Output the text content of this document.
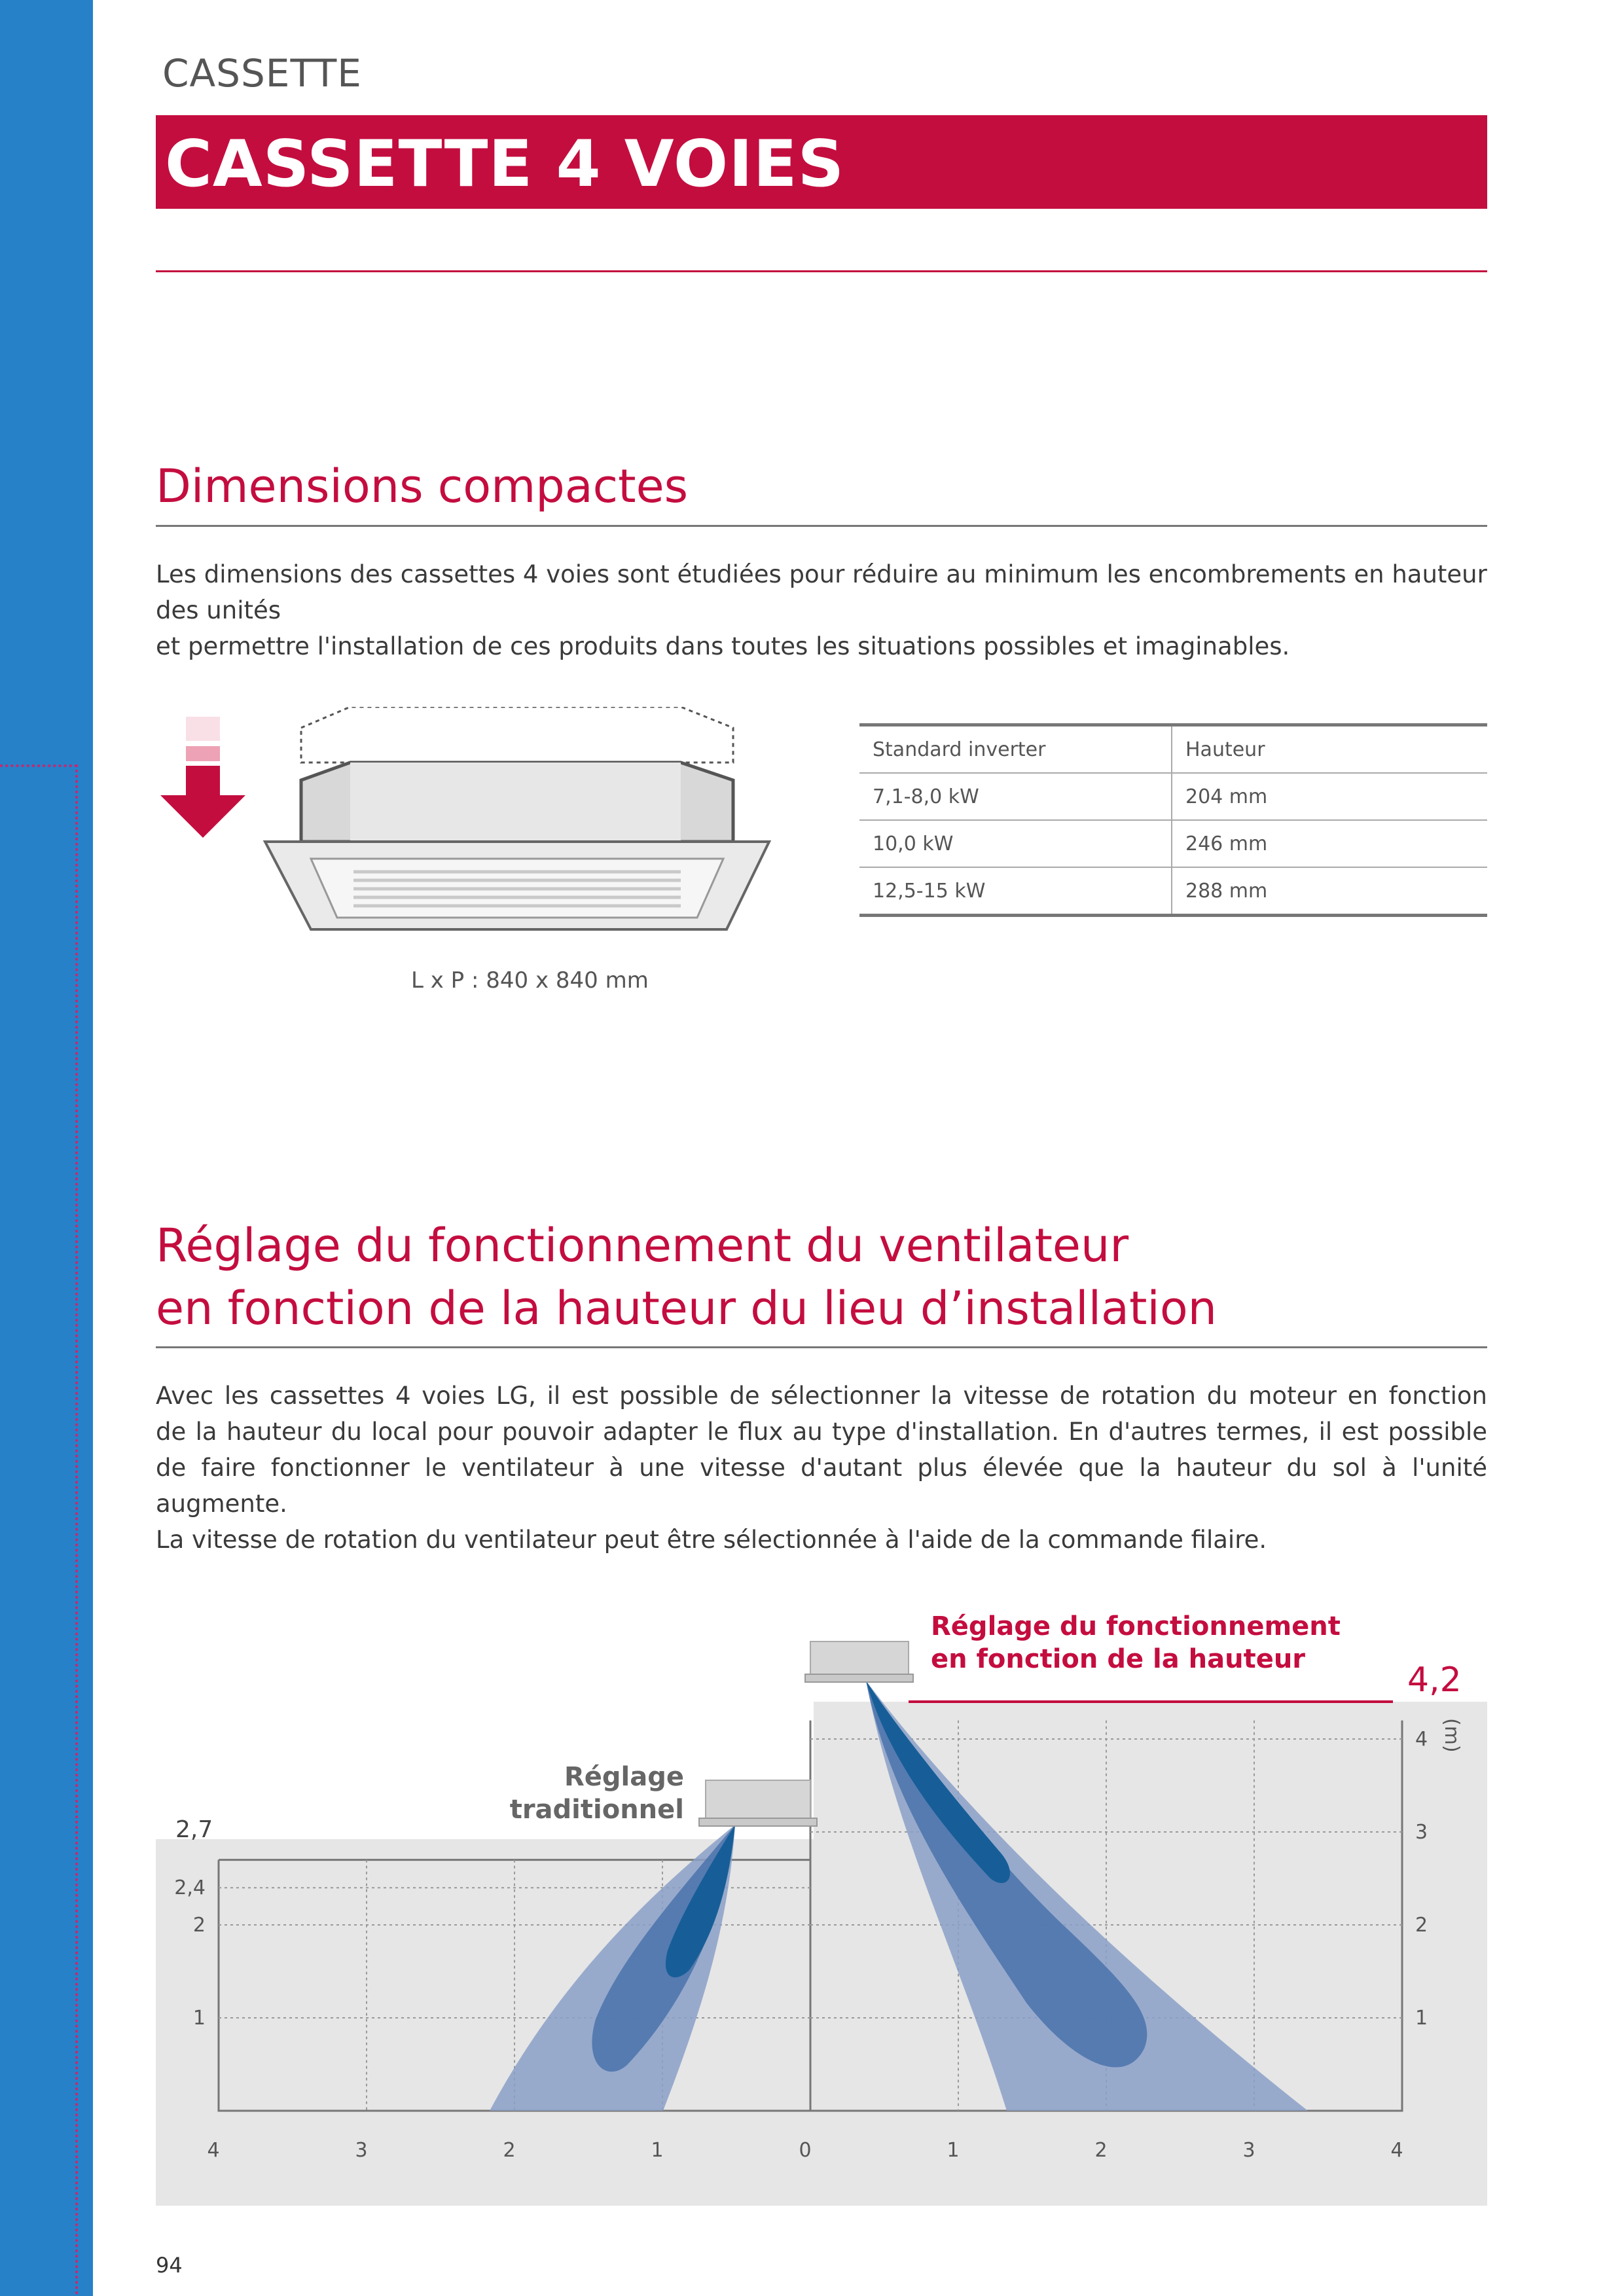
CASSETTE
CASSETTE 4 VOIES
Dimensions compactes
Les dimensions des cassettes 4 voies sont étudiées pour réduire au minimum les encombrements en hauteur des unités
et permettre l'installation de ces produits dans toutes les situations possibles et imaginables.
L x P : 840 x 840 mm
Standard inverter	Hauteur
7,1-8,0 kW	204 mm
10,0 kW	246 mm
12,5-15 kW	288 mm
Réglage du fonctionnement du ventilateur
en fonction de la hauteur du lieu d’installation
Avec les cassettes 4 voies LG, il est possible de sélectionner la vitesse de rotation du moteur en fonction
de la hauteur du local pour pouvoir adapter le flux au type d'installation. En d'autres termes, il est possible
de faire fonctionner le ventilateur à une vitesse d'autant plus élevée que la hauteur du sol à l'unité augmente.
La vitesse de rotation du ventilateur peut être sélectionnée à l'aide de la commande filaire.
2,4
2
1
4
3
2
1
4	3	2	1	0	1	2	3	4
(m)
Réglage du fonctionnement
en fonction de la hauteur
Réglage
traditionnel
4,2
2,7
94
